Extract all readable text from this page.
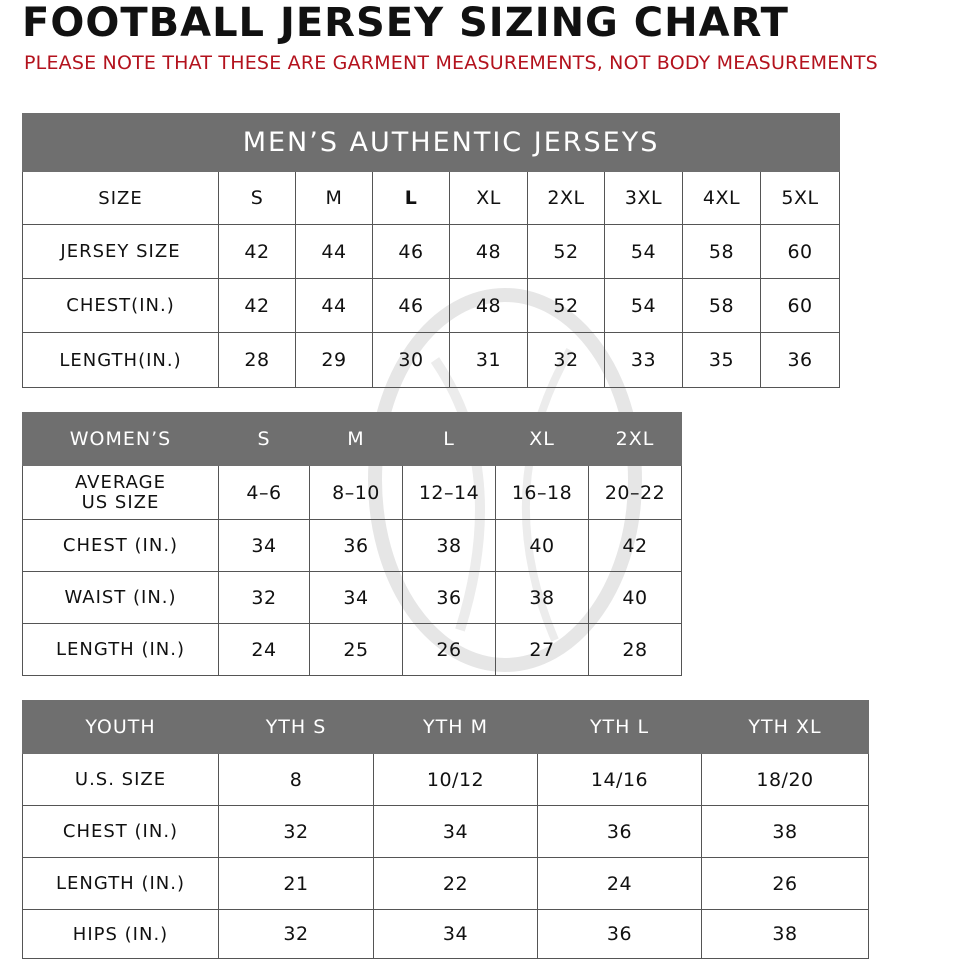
FOOTBALL JERSEY SIZING CHART

PLEASE NOTE THAT THESE ARE GARMENT MEASUREMENTS, NOT BODY MEASUREMENTS

MEN’S AUTHENTIC JERSEYS								
SIZE	S	M	L	XL	2XL	3XL	4XL	5XL
JERSEY SIZE	42	44	46	48	52	54	58	60
CHEST(IN.)	42	44	46	48	52	54	58	60
LENGTH(IN.)	28	29	30	31	32	33	35	36
WOMEN’S	S	M	L	XL	2XL
AVERAGE
US SIZE	4–6	8–10	12–14	16–18	20–22
CHEST (IN.)	34	36	38	40	42
WAIST (IN.)	32	34	36	38	40
LENGTH (IN.)	24	25	26	27	28
YOUTH	YTH S	YTH M	YTH L	YTH XL
U.S. SIZE	8	10/12	14/16	18/20
CHEST (IN.)	32	34	36	38
LENGTH (IN.)	21	22	24	26
HIPS (IN.)	32	34	36	38
